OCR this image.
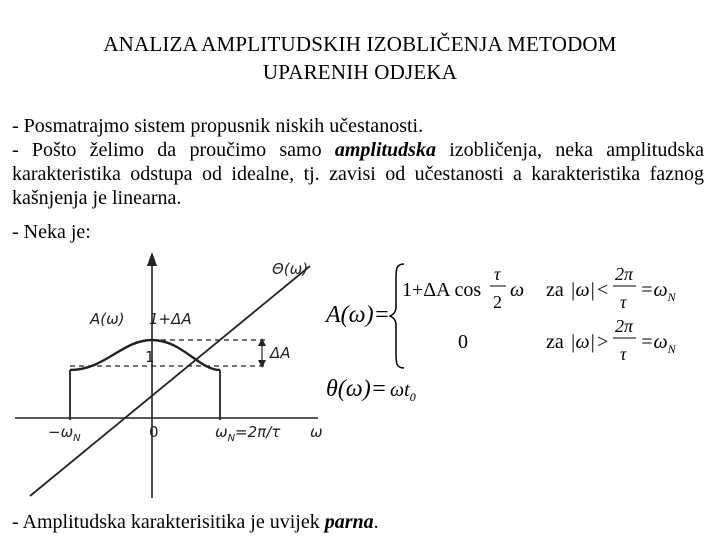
ANALIZA AMPLITUDSKIH IZOBLIČENJA METODOM
UPARENIH ODJEKA
- Posmatrajmo sistem propusnik niskih učestanosti.
- Pošto želimo da proučimo samo amplitudska izobličenja, neka amplitudska karakteristika odstupa od idealne, tj. zavisi od učestanosti a karakteristika faznog kašnjenja je linearna.
- Neka je:
Θ(ω)
A(ω) 1+ΔA
1	ΔA
$-\omega_N$	0	$\omega_N=2\pi/\tau$ ω
A(ω)=
1+ΔA cos
τ
2
ω za |ω| <
2π
τ
$=\omega_N$
0	za |ω| >
2π
τ
$=\omega_N$
$\theta(\omega)= \omega t_0$
- Amplitudska karakterisitika je uvijek parna.
